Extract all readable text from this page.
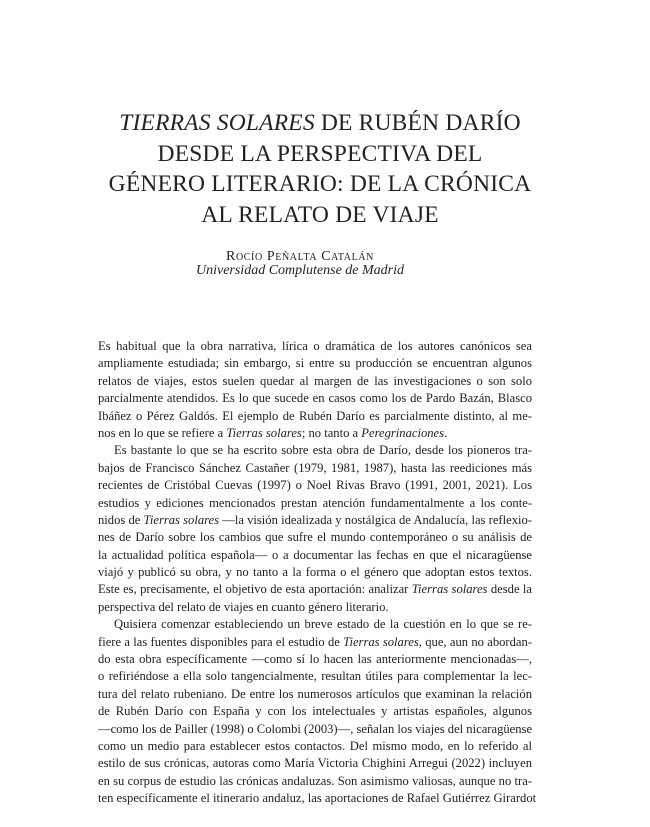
TIERRAS SOLARES DE RUBÉN DARÍO
DESDE LA PERSPECTIVA DEL
GÉNERO LITERARIO: DE LA CRÓNICA
AL RELATO DE VIAJE
Rocío Peñalta Catalán
Universidad Complutense de Madrid
Es habitual que la obra narrativa, lírica o dramática de los autores canónicos sea
ampliamente estudiada; sin embargo, si entre su producción se encuentran algunos
relatos de viajes, estos suelen quedar al margen de las investigaciones o son solo
parcialmente atendidos. Es lo que sucede en casos como los de Pardo Bazán, Blasco
Ibáñez o Pérez Galdós. El ejemplo de Rubén Darío es parcialmente distinto, al me-
nos en lo que se refiere a Tierras solares; no tanto a Peregrinaciones.
Es bastante lo que se ha escrito sobre esta obra de Darío, desde los pioneros tra-
bajos de Francisco Sánchez Castañer (1979, 1981, 1987), hasta las reediciones más
recientes de Cristóbal Cuevas (1997) o Noel Rivas Bravo (1991, 2001, 2021). Los
estudios y ediciones mencionados prestan atención fundamentalmente a los conte-
nidos de Tierras solares —la visión idealizada y nostálgica de Andalucía, las reflexio-
nes de Darío sobre los cambios que sufre el mundo contemporáneo o su análisis de
la actualidad política española— o a documentar las fechas en que el nicaragüense
viajó y publicó su obra, y no tanto a la forma o el género que adoptan estos textos.
Este es, precisamente, el objetivo de esta aportación: analizar Tierras solares desde la
perspectiva del relato de viajes en cuanto género literario.
Quisiera comenzar estableciendo un breve estado de la cuestión en lo que se re-
fiere a las fuentes disponibles para el estudio de Tierras solares, que, aun no abordan-
do esta obra específicamente —como sí lo hacen las anteriormente mencionadas—,
o refiriéndose a ella solo tangencialmente, resultan útiles para complementar la lec-
tura del relato rubeniano. De entre los numerosos artículos que examinan la relación
de Rubén Darío con España y con los intelectuales y artistas españoles, algunos
—como los de Pailler (1998) o Colombi (2003)—, señalan los viajes del nicaragüense
como un medio para establecer estos contactos. Del mismo modo, en lo referido al
estilo de sus crónicas, autoras como María Victoria Chighini Arregui (2022) incluyen
en su corpus de estudio las crónicas andaluzas. Son asimismo valiosas, aunque no tra-
ten específicamente el itinerario andaluz, las aportaciones de Rafael Gutiérrez Girardot
